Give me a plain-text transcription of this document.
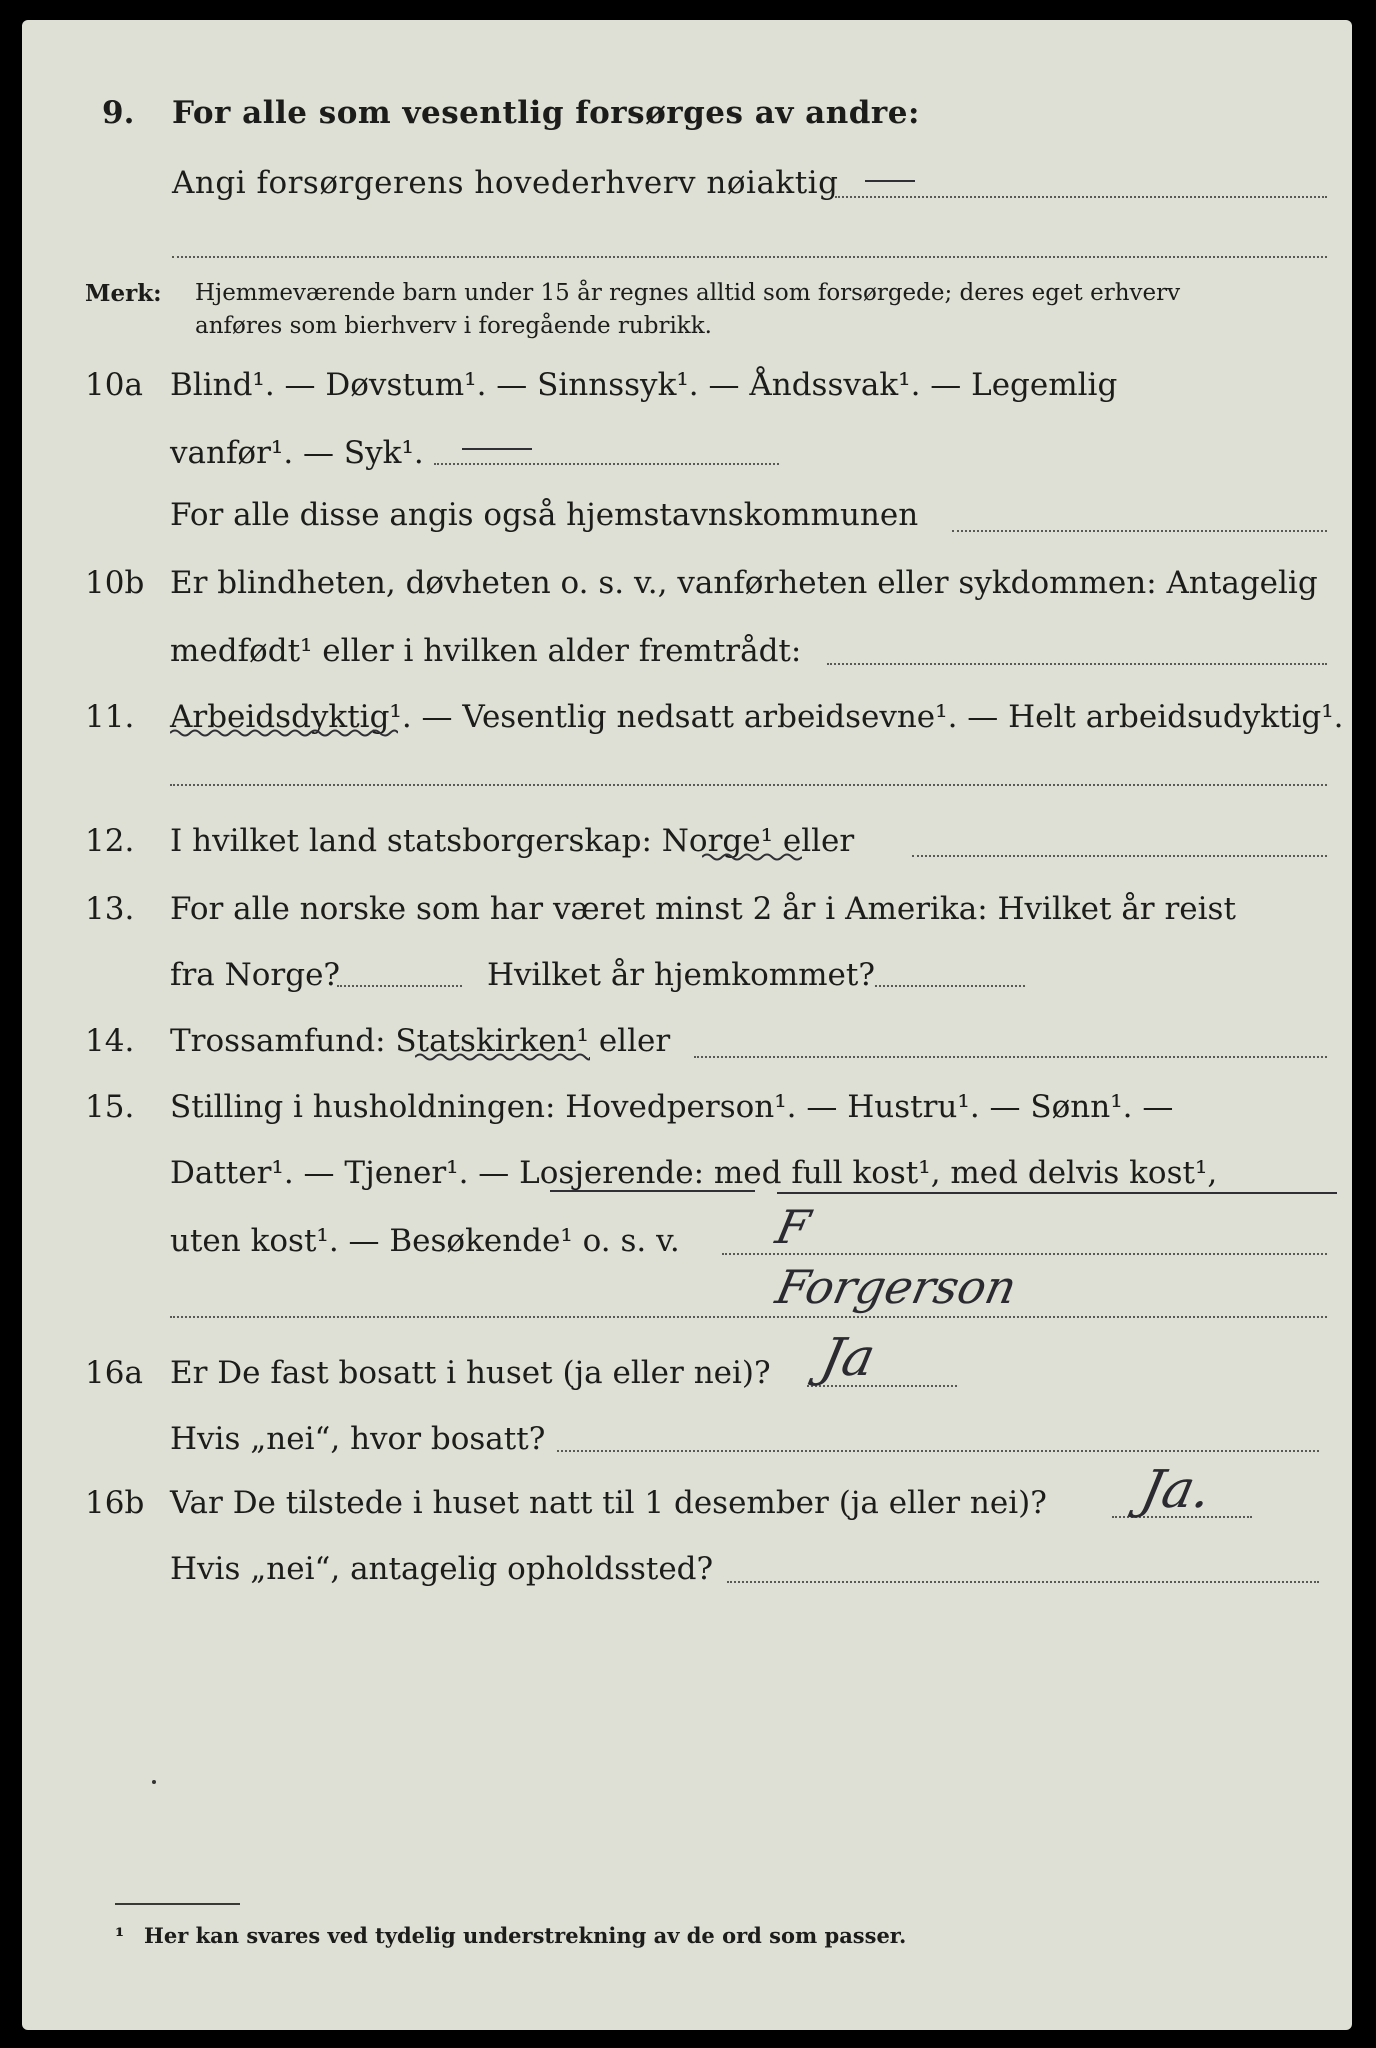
9. For alle som vesentlig forsørges av andre:
Angi forsørgerens hovederhverv nøiaktig
Merk: Hjemmeværende barn under 15 år regnes alltid som forsørgede; deres eget erhverv
anføres som bierhverv i foregående rubrikk.
10a Blind¹. — Døvstum¹. — Sinnssyk¹. — Åndssvak¹. — Legemlig
vanfør¹. — Syk¹.
For alle disse angis også hjemstavnskommunen
10b Er blindheten, døvheten o. s. v., vanførheten eller sykdommen: Antagelig
medfødt¹ eller i hvilken alder fremtrådt:
11. Arbeidsdyktig¹. — Vesentlig nedsatt arbeidsevne¹. — Helt arbeidsudyktig¹.
12. I hvilket land statsborgerskap: Norge¹ eller
13. For alle norske som har været minst 2 år i Amerika: Hvilket år reist
fra Norge?	Hvilket år hjemkommet?
14. Trossamfund: Statskirken¹ eller
15. Stilling i husholdningen: Hovedperson¹. — Hustru¹. — Sønn¹. —
Datter¹. — Tjener¹. — Losjerende: med full kost¹, med delvis kost¹,
uten kost¹. — Besøkende¹ o. s. v. F
Forgerson
16a Er De fast bosatt i huset (ja eller nei)? Ja
Hvis „nei“, hvor bosatt?
16b Var De tilstede i huset natt til 1 desember (ja eller nei)? Ja.
Hvis „nei“, antagelig opholdssted?
¹ Her kan svares ved tydelig understrekning av de ord som passer.
